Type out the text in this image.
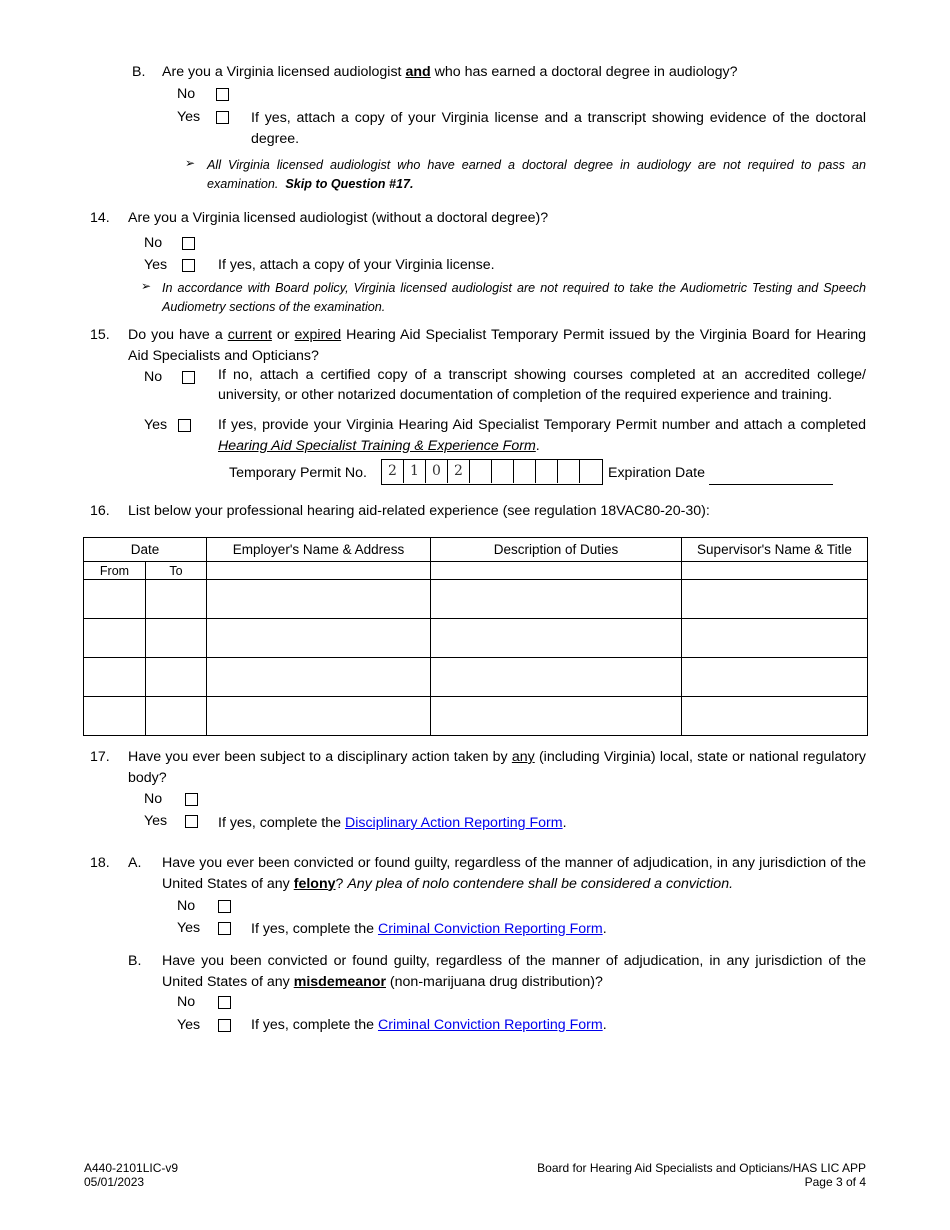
B. Are you a Virginia licensed audiologist and who has earned a doctoral degree in audiology?
No
Yes	If yes, attach a copy of your Virginia license and a transcript showing evidence of the doctoral degree.
➢ All Virginia licensed audiologist who have earned a doctoral degree in audiology are not required to pass an examination. Skip to Question #17.
14. Are you a Virginia licensed audiologist (without a doctoral degree)?
No
Yes	If yes, attach a copy of your Virginia license.
➢ In accordance with Board policy, Virginia licensed audiologist are not required to take the Audiometric Testing and Speech Audiometry sections of the examination.
15. Do you have a current or expired Hearing Aid Specialist Temporary Permit issued by the Virginia Board for Hearing Aid Specialists and Opticians?
No	If no, attach a certified copy of a transcript showing courses completed at an accredited college/ university, or other notarized documentation of completion of the required experience and training.
Yes	If yes, provide your Virginia Hearing Aid Specialist Temporary Permit number and attach a completed Hearing Aid Specialist Training & Experience Form.
Temporary Permit No.	2 1 0 2	Expiration Date
16. List below your professional hearing aid-related experience (see regulation 18VAC80-20-30):
Date		Employer's Name & Address	Description of Duties	Supervisor's Name & Title
From	To			

17. Have you ever been subject to a disciplinary action taken by any (including Virginia) local, state or national regulatory body?
No
Yes	If yes, complete the Disciplinary Action Reporting Form.
18. A. Have you ever been convicted or found guilty, regardless of the manner of adjudication, in any jurisdiction of the United States of any felony? Any plea of nolo contendere shall be considered a conviction.
No
Yes	If yes, complete the Criminal Conviction Reporting Form.
B. Have you been convicted or found guilty, regardless of the manner of adjudication, in any jurisdiction of the United States of any misdemeanor (non-marijuana drug distribution)?
No
Yes	If yes, complete the Criminal Conviction Reporting Form.
A440-2101LIC-v9
05/01/2023
Board for Hearing Aid Specialists and Opticians/HAS LIC APP
Page 3 of 4
